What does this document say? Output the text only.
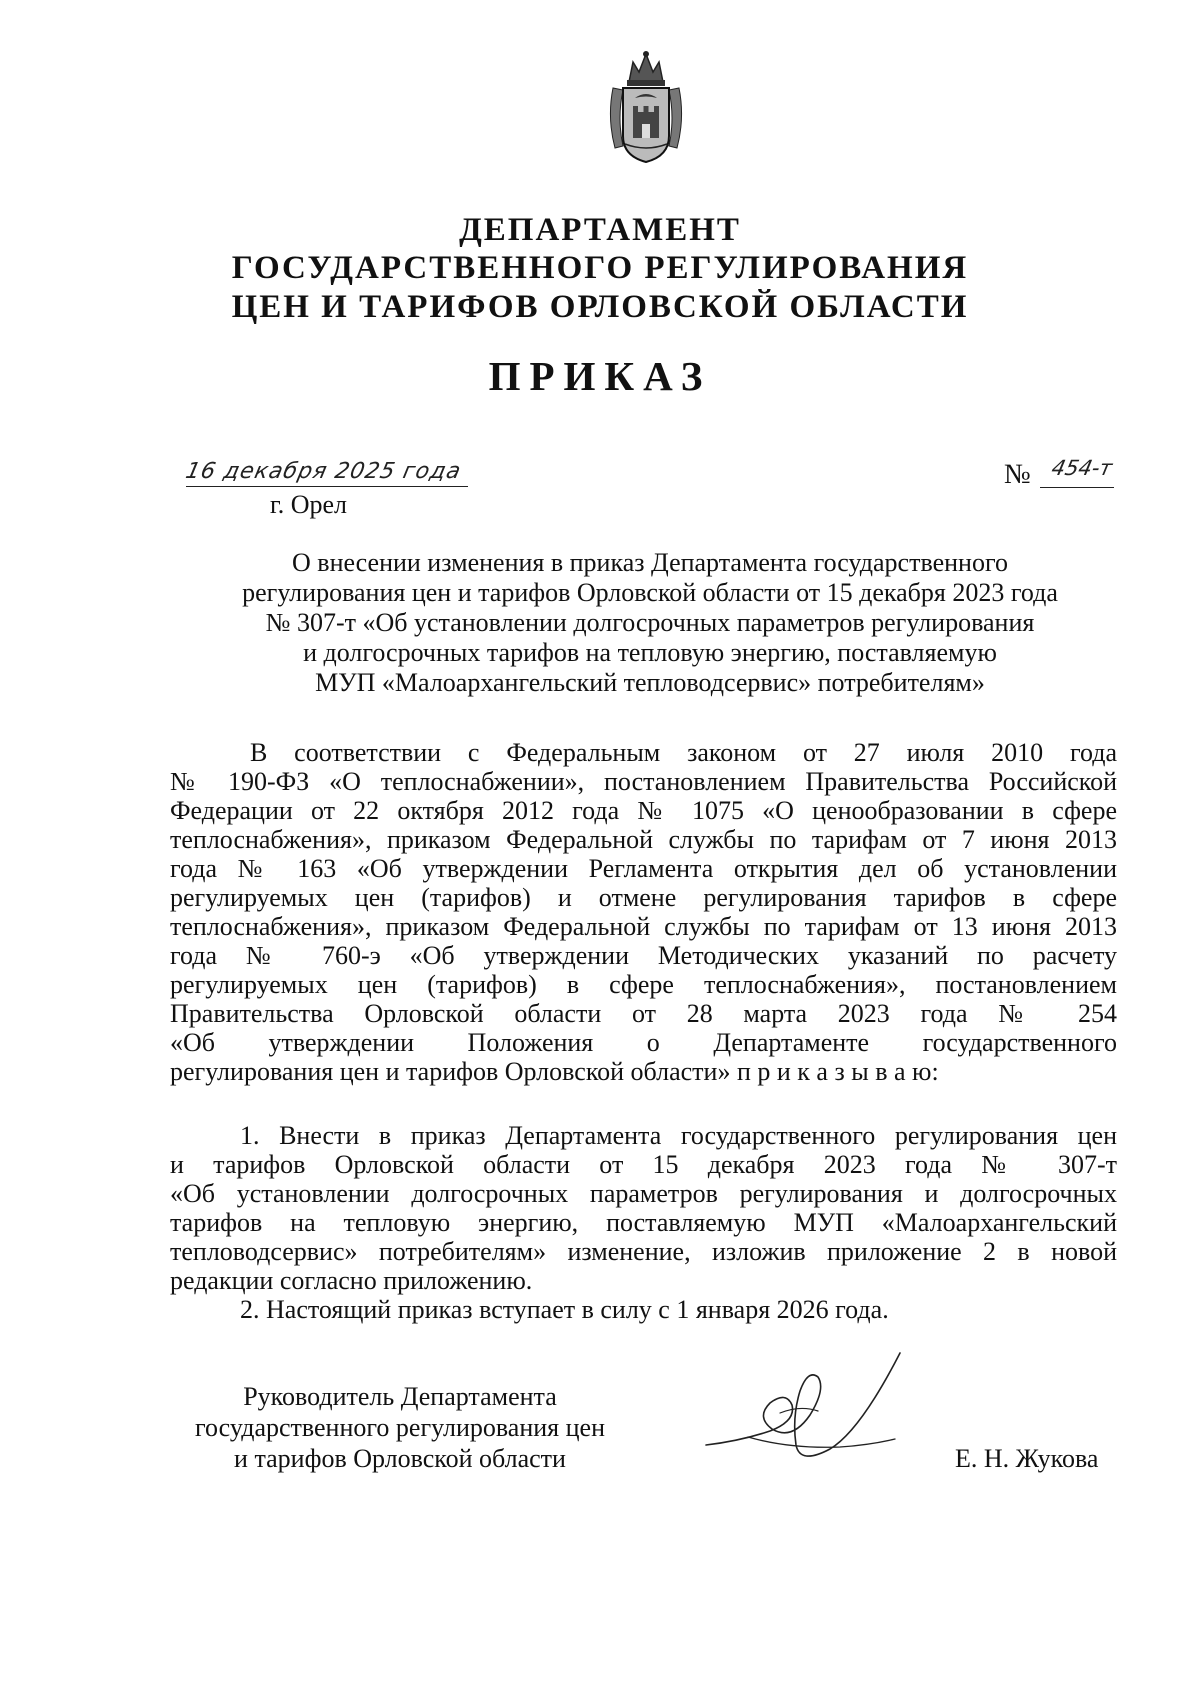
ДЕПАРТАМЕНТ
ГОСУДАРСТВЕННОГО РЕГУЛИРОВАНИЯ
ЦЕН И ТАРИФОВ ОРЛОВСКОЙ ОБЛАСТИ
ПРИКАЗ
16 декабря 2025 года
г. Орел
№ 454-т
О внесении изменения в приказ Департамента государственного
регулирования цен и тарифов Орловской области от 15 декабря 2023 года
№ 307-т «Об установлении долгосрочных параметров регулирования
и долгосрочных тарифов на тепловую энергию, поставляемую
МУП «Малоархангельский тепловодсервис» потребителям»
В соответствии с Федеральным законом от 27 июля 2010 года
№ 190-ФЗ «О теплоснабжении», постановлением Правительства Российской
Федерации от 22 октября 2012 года № 1075 «О ценообразовании в сфере
теплоснабжения», приказом Федеральной службы по тарифам от 7 июня 2013
года № 163 «Об утверждении Регламента открытия дел об установлении
регулируемых цен (тарифов) и отмене регулирования тарифов в сфере
теплоснабжения», приказом Федеральной службы по тарифам от 13 июня 2013
года № 760-э «Об утверждении Методических указаний по расчету
регулируемых цен (тарифов) в сфере теплоснабжения», постановлением
Правительства Орловской области от 28 марта 2023 года № 254
«Об утверждении Положения о Департаменте государственного
регулирования цен и тарифов Орловской области» п р и к а з ы в а ю:
1. Внести в приказ Департамента государственного регулирования цен
и тарифов Орловской области от 15 декабря 2023 года № 307-т
«Об установлении долгосрочных параметров регулирования и долгосрочных
тарифов на тепловую энергию, поставляемую МУП «Малоархангельский
тепловодсервис» потребителям» изменение, изложив приложение 2 в новой
редакции согласно приложению.
2. Настоящий приказ вступает в силу с 1 января 2026 года.
Руководитель Департамента
государственного регулирования цен
и тарифов Орловской области	Е. Н. Жукова
